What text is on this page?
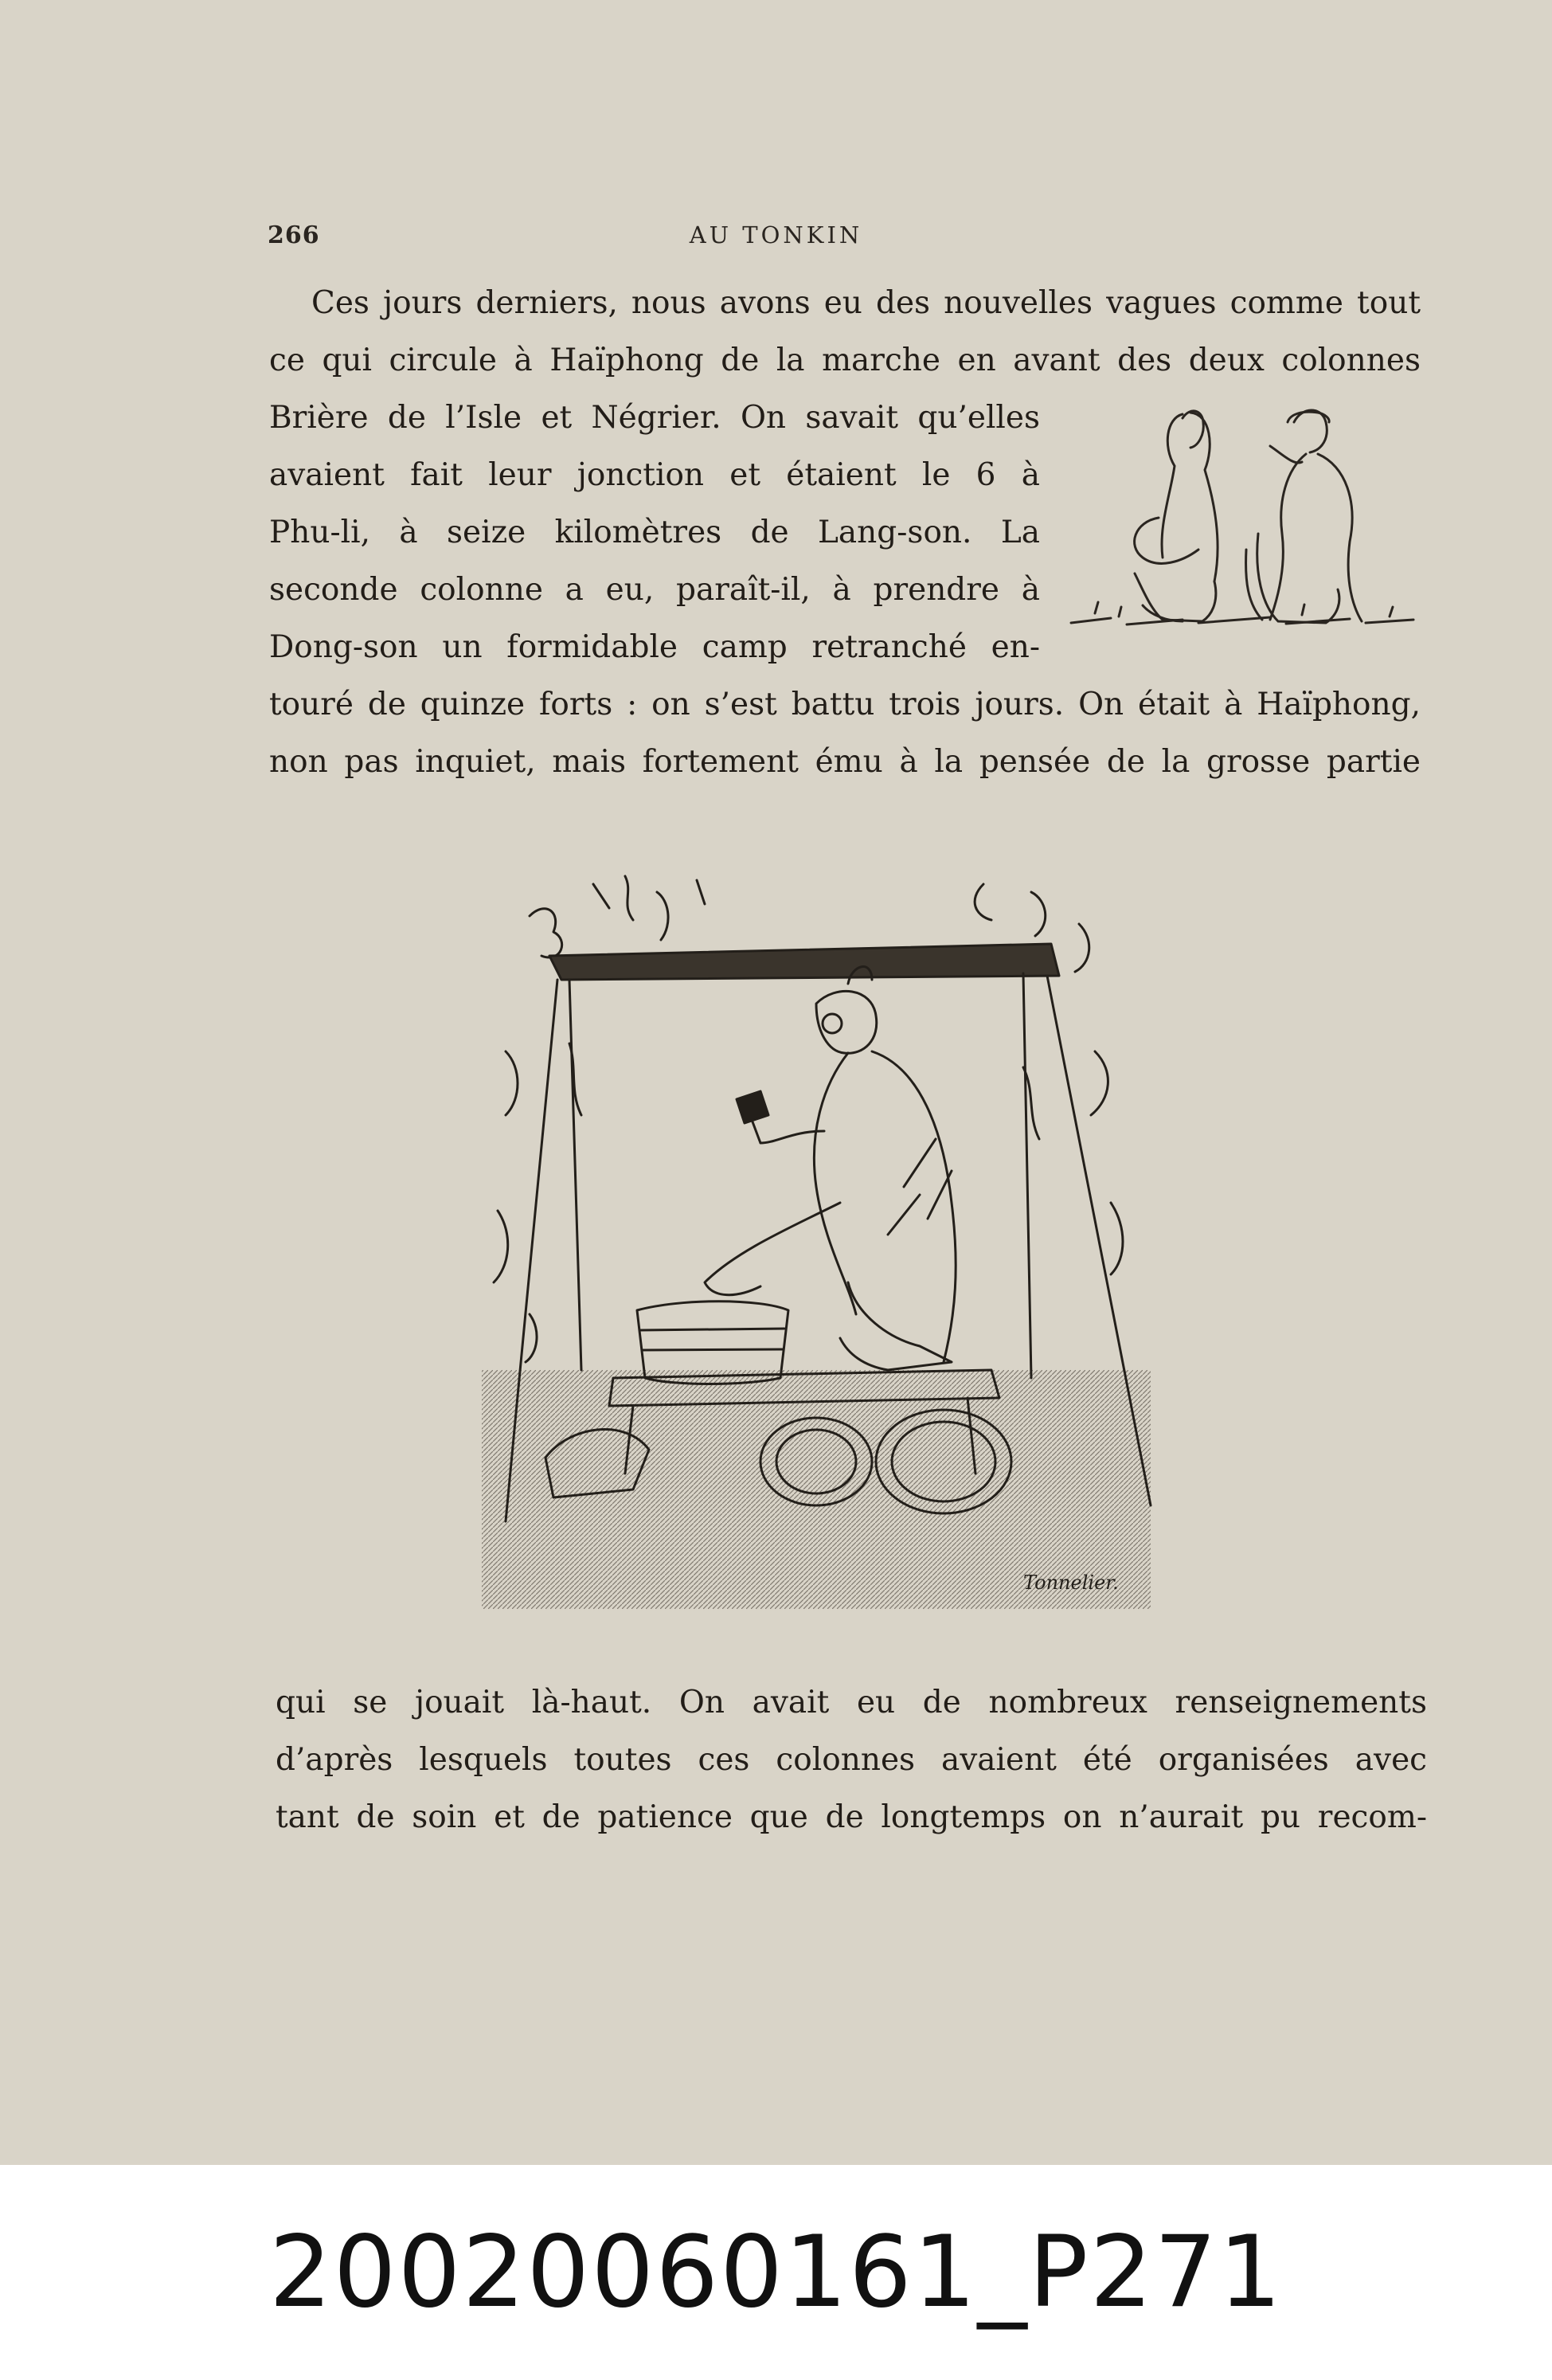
266	AU TONKIN
Ces jours derniers, nous avons eu des nouvelles vagues comme tout
ce qui circule à Haïphong de la marche en avant des deux colonnes
Brière de l’Isle et Négrier. On savait qu’elles
avaient fait leur jonction et étaient le 6 à
Phu-li, à seize kilomètres de Lang-son. La
seconde colonne a eu, paraît-il, à prendre à
Dong-son un formidable camp retranché en-
touré de quinze forts : on s’est battu trois jours. On était à Haïphong,
non pas inquiet, mais fortement ému à la pensée de la grosse partie
Tonnelier.
qui se jouait là-haut. On avait eu de nombreux renseignements
d’après lesquels toutes ces colonnes avaient été organisées avec
tant de soin et de patience que de longtemps on n’aurait pu recom-
20020060161_P271
